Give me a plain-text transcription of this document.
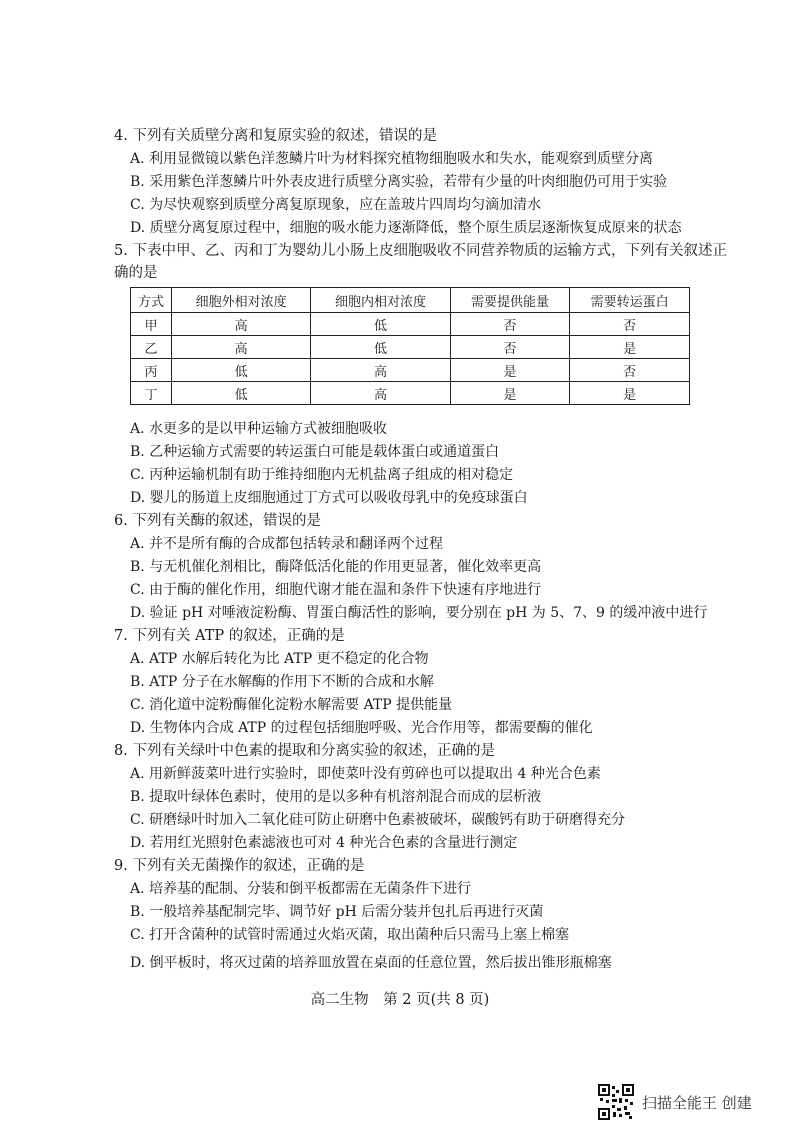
4. 下列有关质壁分离和复原实验的叙述，错误的是
A. 利用显微镜以紫色洋葱鳞片叶为材料探究植物细胞吸水和失水，能观察到质壁分离
B. 采用紫色洋葱鳞片叶外表皮进行质壁分离实验，若带有少量的叶肉细胞仍可用于实验
C. 为尽快观察到质壁分离复原现象，应在盖玻片四周均匀滴加清水
D. 质壁分离复原过程中，细胞的吸水能力逐渐降低，整个原生质层逐渐恢复成原来的状态
5. 下表中甲、乙、丙和丁为婴幼儿小肠上皮细胞吸收不同营养物质的运输方式，下列有关叙述正
确的是
方式	细胞外相对浓度	细胞内相对浓度	需要提供能量	需要转运蛋白
甲	高	低	否	否
乙	高	低	否	是
丙	低	高	是	否
丁	低	高	是	是
A. 水更多的是以甲种运输方式被细胞吸收
B. 乙种运输方式需要的转运蛋白可能是载体蛋白或通道蛋白
C. 丙种运输机制有助于维持细胞内无机盐离子组成的相对稳定
D. 婴儿的肠道上皮细胞通过丁方式可以吸收母乳中的免疫球蛋白
6. 下列有关酶的叙述，错误的是
A. 并不是所有酶的合成都包括转录和翻译两个过程
B. 与无机催化剂相比，酶降低活化能的作用更显著，催化效率更高
C. 由于酶的催化作用，细胞代谢才能在温和条件下快速有序地进行
D. 验证 pH 对唾液淀粉酶、胃蛋白酶活性的影响，要分别在 pH 为 5、7、9 的缓冲液中进行
7. 下列有关 ATP 的叙述，正确的是
A. ATP 水解后转化为比 ATP 更不稳定的化合物
B. ATP 分子在水解酶的作用下不断的合成和水解
C. 消化道中淀粉酶催化淀粉水解需要 ATP 提供能量
D. 生物体内合成 ATP 的过程包括细胞呼吸、光合作用等，都需要酶的催化
8. 下列有关绿叶中色素的提取和分离实验的叙述，正确的是
A. 用新鲜菠菜叶进行实验时，即使菜叶没有剪碎也可以提取出 4 种光合色素
B. 提取叶绿体色素时，使用的是以多种有机溶剂混合而成的层析液
C. 研磨绿叶时加入二氧化硅可防止研磨中色素被破坏，碳酸钙有助于研磨得充分
D. 若用红光照射色素滤液也可对 4 种光合色素的含量进行测定
9. 下列有关无菌操作的叙述，正确的是
A. 培养基的配制、分装和倒平板都需在无菌条件下进行
B. 一般培养基配制完毕、调节好 pH 后需分装并包扎后再进行灭菌
C. 打开含菌种的试管时需通过火焰灭菌，取出菌种后只需马上塞上棉塞
D. 倒平板时，将灭过菌的培养皿放置在桌面的任意位置，然后拔出锥形瓶棉塞
高二生物　第 2 页(共 8 页)
扫描全能王 创建
